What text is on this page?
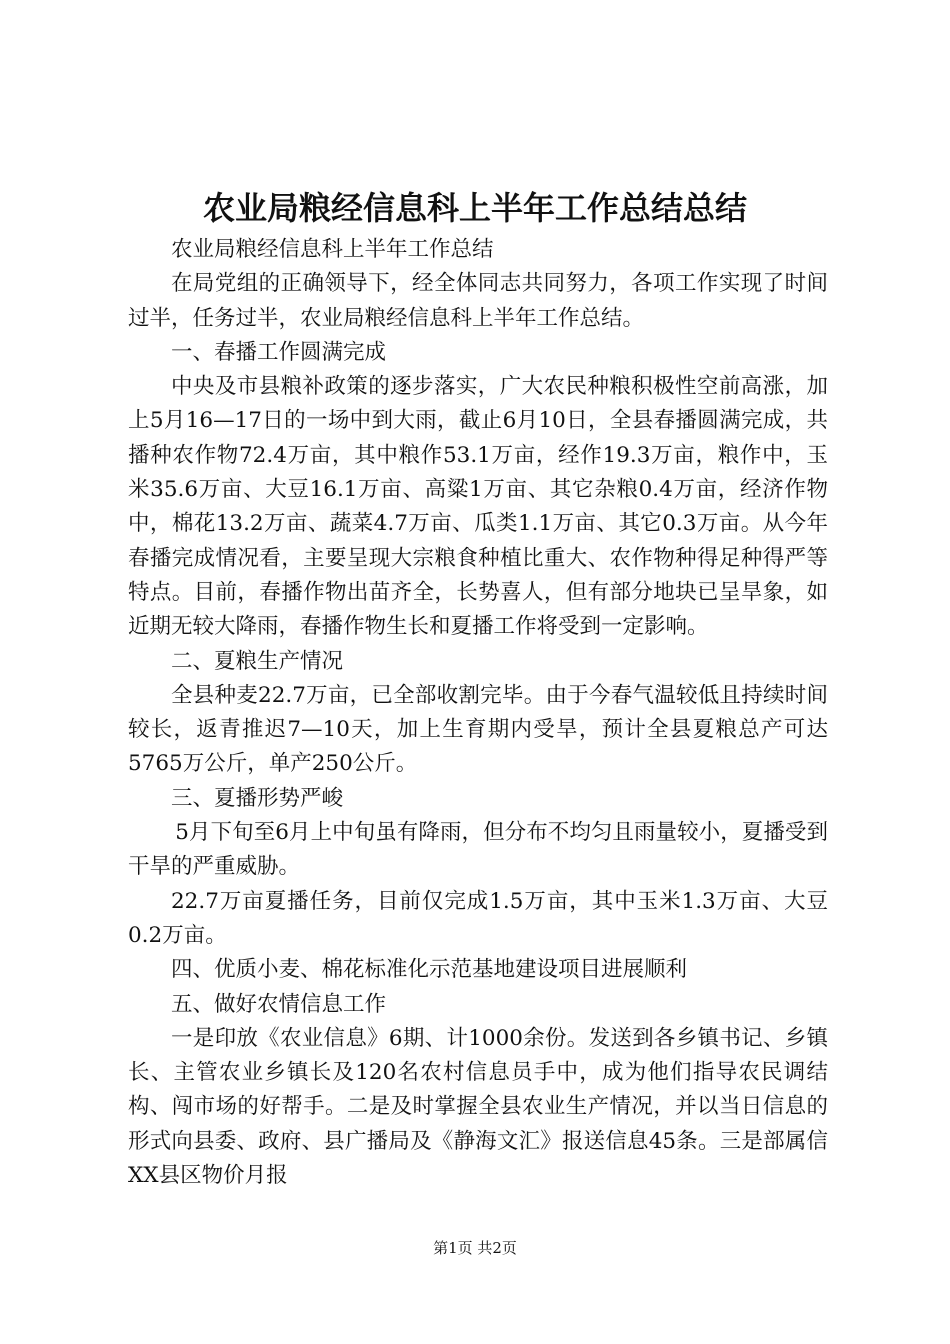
农业局粮经信息科上半年工作总结总结

农业局粮经信息科上半年工作总结

在局党组的正确领导下，经全体同志共同努力，各项工作实现了时间过半，任务过半，农业局粮经信息科上半年工作总结。

一、春播工作圆满完成

中央及市县粮补政策的逐步落实，广大农民种粮积极性空前高涨，加上5月16—17日的一场中到大雨，截止6月10日，全县春播圆满完成，共播种农作物72.4万亩，其中粮作53.1万亩，经作19.3万亩，粮作中，玉米35.6万亩、大豆16.1万亩、高粱1万亩、其它杂粮0.4万亩，经济作物中，棉花13.2万亩、蔬菜4.7万亩、瓜类1.1万亩、其它0.3万亩。从今年春播完成情况看，主要呈现大宗粮食种植比重大、农作物种得足种得严等特点。目前，春播作物出苗齐全，长势喜人，但有部分地块已呈旱象，如近期无较大降雨，春播作物生长和夏播工作将受到一定影响。

二、夏粮生产情况

全县种麦22.7万亩，已全部收割完毕。由于今春气温较低且持续时间较长，返青推迟7—10天，加上生育期内受旱，预计全县夏粮总产可达5765万公斤，单产250公斤。

三、夏播形势严峻

5月下旬至6月上中旬虽有降雨，但分布不均匀且雨量较小，夏播受到干旱的严重威胁。

22.7万亩夏播任务，目前仅完成1.5万亩，其中玉米1.3万亩、大豆0.2万亩。

四、优质小麦、棉花标准化示范基地建设项目进展顺利

五、做好农情信息工作

一是印放《农业信息》6期、计1000余份。发送到各乡镇书记、乡镇长、主管农业乡镇长及120名农村信息员手中，成为他们指导农民调结构、闯市场的好帮手。二是及时掌握全县农业生产情况，并以当日信息的形式向县委、政府、县广播局及《静海文汇》报送信息45条。三是部属信XX县区物价月报

第1页 共2页
